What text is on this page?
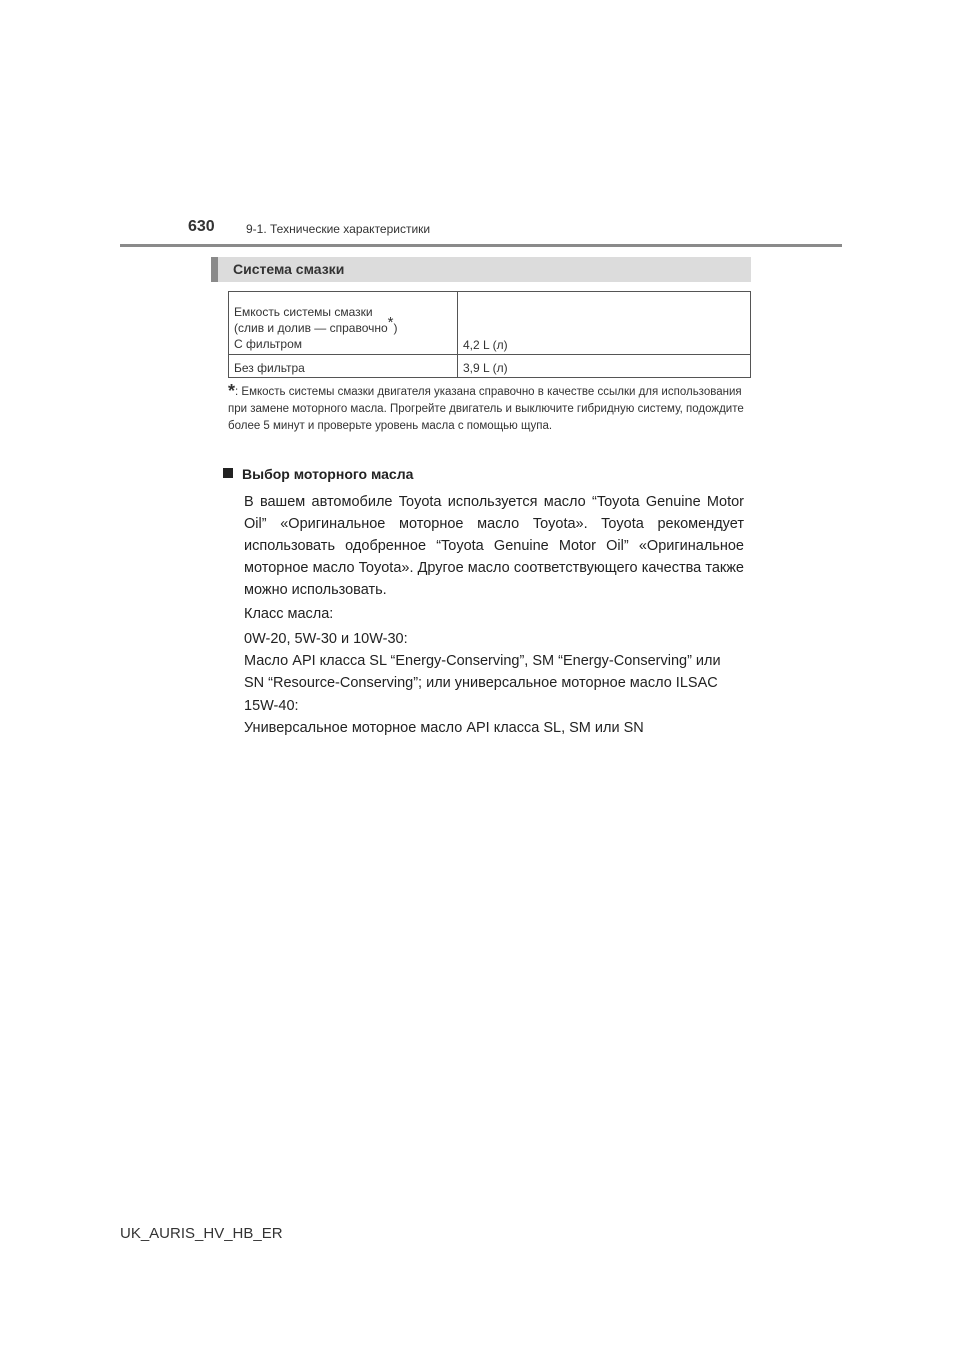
630	9-1. Технические характеристики
Система смазки
Емкость системы смазки
(слив и долив — справочно*)
С фильтром	4,2 L (л)
Без фильтра	3,9 L (л)
*: Емкость системы смазки двигателя указана справочно в качестве ссылки для использования при замене моторного масла. Прогрейте двигатель и выключите гибридную систему, подождите более 5 минут и проверьте уровень масла с помощью щупа.
Выбор моторного масла
В вашем автомобиле Toyota используется масло “Toyota Genuine Motor Oil” «Оригинальное моторное масло Toyota». Toyota рекомендует использовать одобренное “Toyota Genuine Motor Oil” «Оригинальное моторное масло Toyota». Другое масло соответствующего качества также можно использовать.
Класс масла:
0W-20, 5W-30 и 10W-30:
Масло API класса SL “Energy-Conserving”, SM “Energy-Conserving” или
SN “Resource-Conserving”; или универсальное моторное масло ILSAC
15W-40:
Универсальное моторное масло API класса SL, SM или SN
UK_AURIS_HV_HB_ER
